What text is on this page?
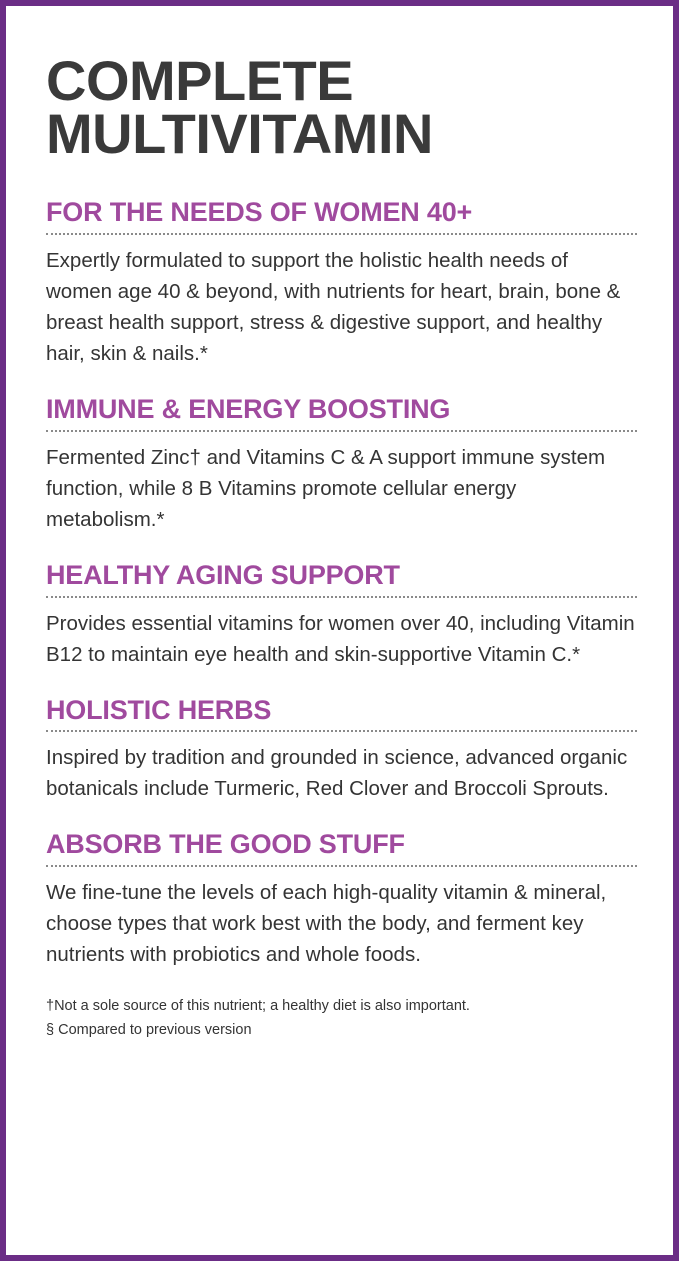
COMPLETE
MULTIVITAMIN
FOR THE NEEDS OF WOMEN 40+

Expertly formulated to support the holistic health needs of women age 40 & beyond, with nutrients for heart, brain, bone & breast health support, stress & digestive support, and healthy hair, skin & nails.*

IMMUNE & ENERGY BOOSTING

Fermented Zinc† and Vitamins C & A support immune system function, while 8 B Vitamins promote cellular energy metabolism.*

HEALTHY AGING SUPPORT

Provides essential vitamins for women over 40, including Vitamin B12 to maintain eye health and skin-supportive Vitamin C.*

HOLISTIC HERBS

Inspired by tradition and grounded in science, advanced organic botanicals include Turmeric, Red Clover and Broccoli Sprouts.

ABSORB THE GOOD STUFF

We fine-tune the levels of each high-quality vitamin & mineral, choose types that work best with the body, and ferment key nutrients with probiotics and whole foods.

†Not a sole source of this nutrient; a healthy diet is also important.

§ Compared to previous version
